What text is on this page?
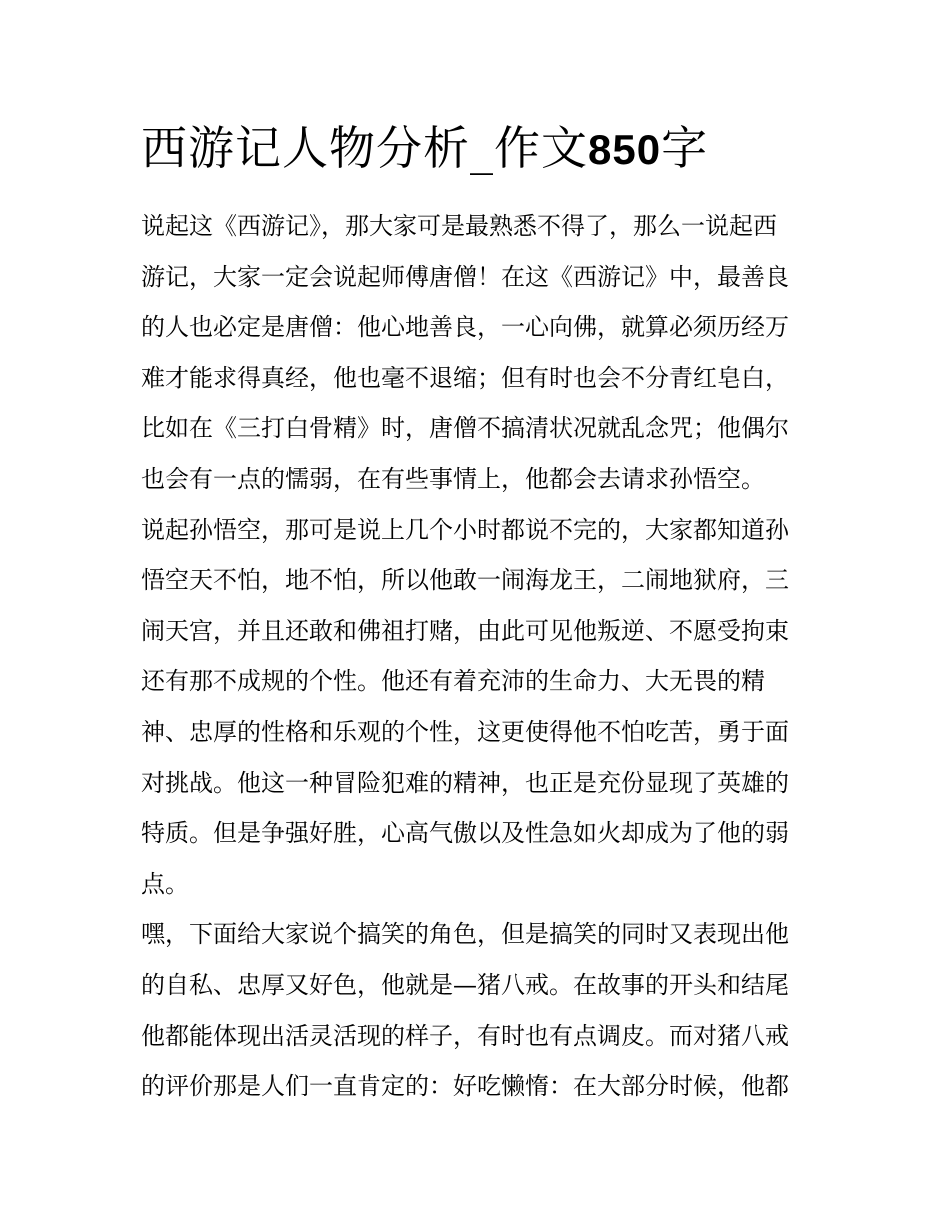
西游记人物分析_作文850字
说起这《西游记》，那大家可是最熟悉不得了，那么一说起西
游记，大家一定会说起师傅唐僧！在这《西游记》中，最善良
的人也必定是唐僧：他心地善良，一心向佛，就算必须历经万
难才能求得真经，他也毫不退缩；但有时也会不分青红皂白，
比如在《三打白骨精》时，唐僧不搞清状况就乱念咒；他偶尔
也会有一点的懦弱，在有些事情上，他都会去请求孙悟空。
说起孙悟空，那可是说上几个小时都说不完的，大家都知道孙
悟空天不怕，地不怕，所以他敢一闹海龙王，二闹地狱府，三
闹天宫，并且还敢和佛祖打赌，由此可见他叛逆、不愿受拘束
还有那不成规的个性。他还有着充沛的生命力、大无畏的精
神、忠厚的性格和乐观的个性，这更使得他不怕吃苦，勇于面
对挑战。他这一种冒险犯难的精神，也正是充份显现了英雄的
特质。但是争强好胜，心高气傲以及性急如火却成为了他的弱
点。
嘿，下面给大家说个搞笑的角色，但是搞笑的同时又表现出他
的自私、忠厚又好色，他就是—猪八戒。在故事的开头和结尾
他都能体现出活灵活现的样子，有时也有点调皮。而对猪八戒
的评价那是人们一直肯定的：好吃懒惰：在大部分时候，他都
